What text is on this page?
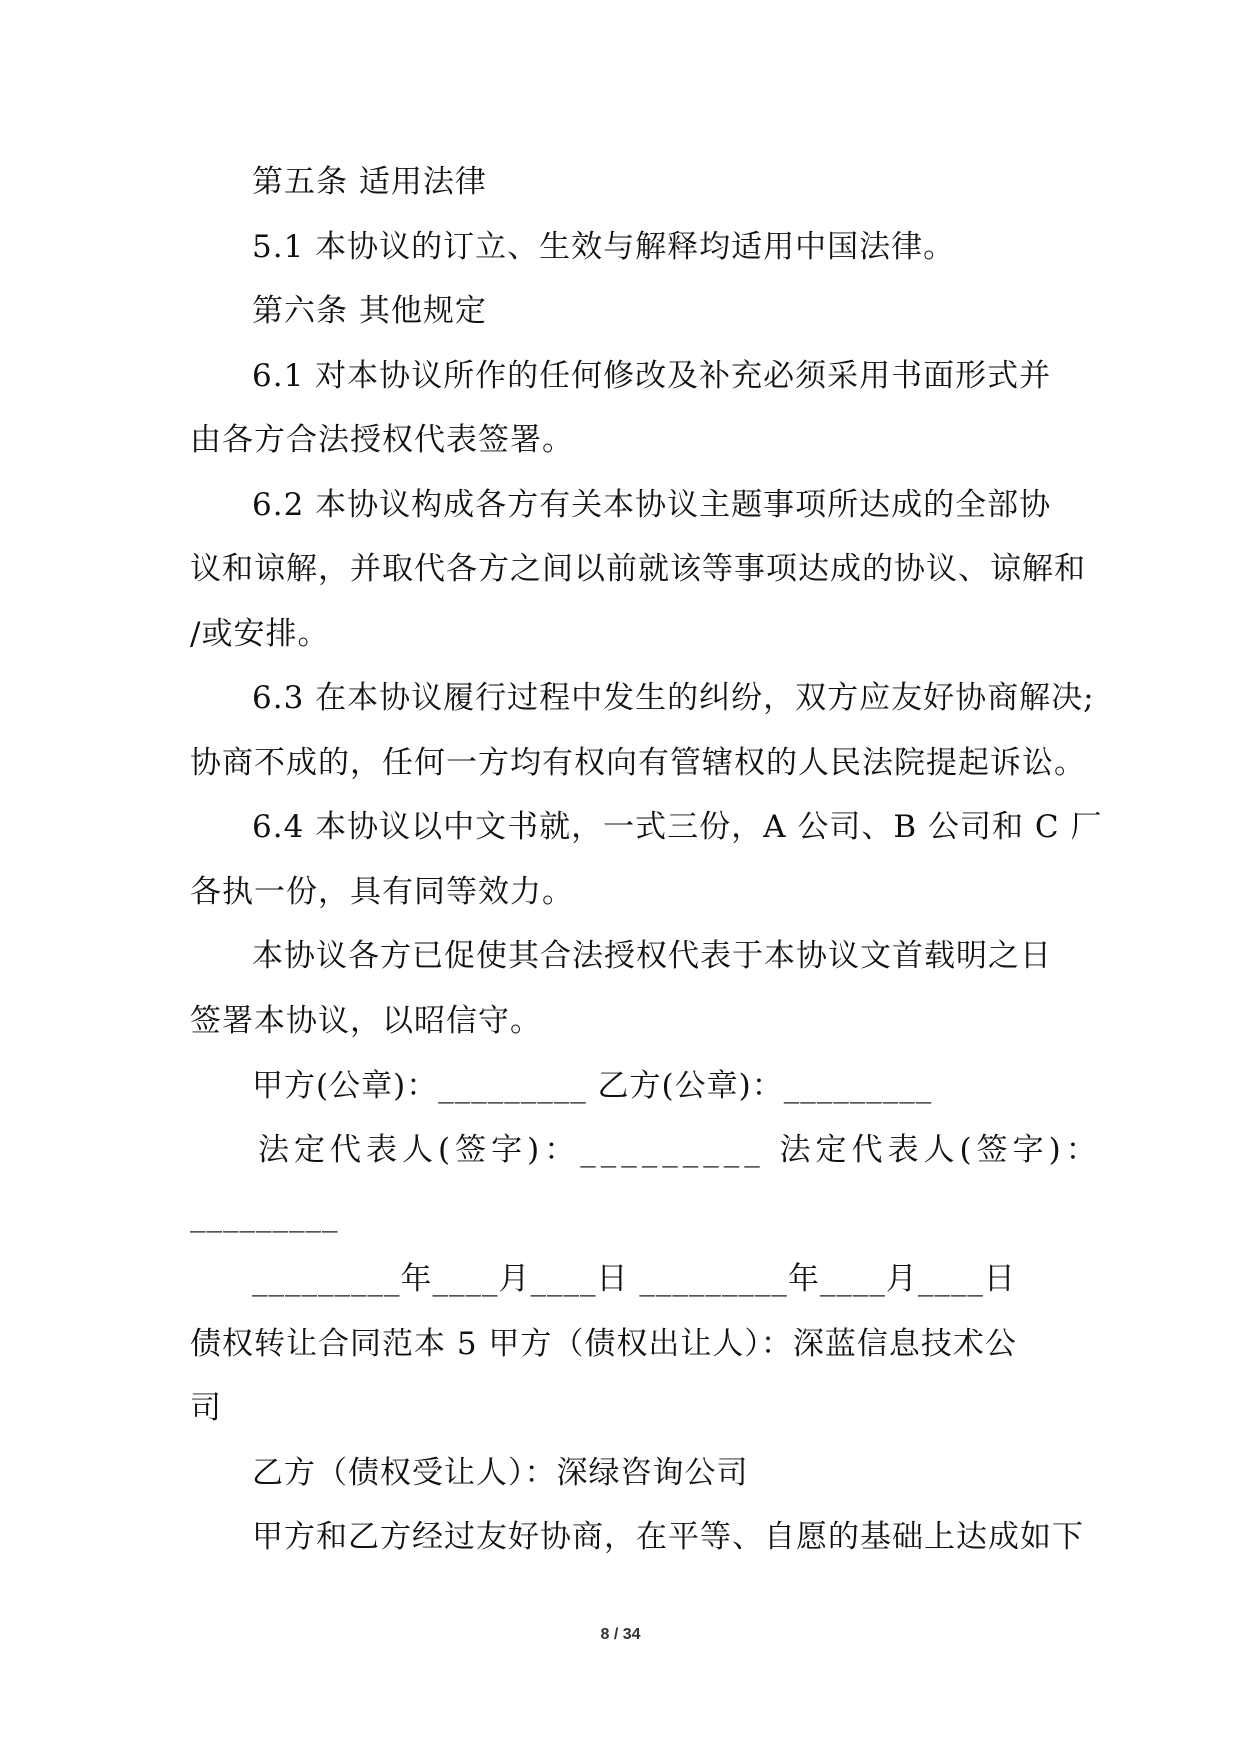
第五条 适用法律
5.1 本协议的订立、生效与解释均适用中国法律。
第六条 其他规定
6.1 对本协议所作的任何修改及补充必须采用书面形式并
由各方合法授权代表签署。
6.2 本协议构成各方有关本协议主题事项所达成的全部协
议和谅解，并取代各方之间以前就该等事项达成的协议、谅解和
/或安排。
6.3 在本协议履行过程中发生的纠纷，双方应友好协商解决;
协商不成的，任何一方均有权向有管辖权的人民法院提起诉讼。
6.4 本协议以中文书就，一式三份，A 公司、B 公司和 C 厂
各执一份，具有同等效力。
本协议各方已促使其合法授权代表于本协议文首载明之日
签署本协议，以昭信守。
甲方(公章)：_________ 乙方(公章)：_________
法定代表人(签字)：_________ 法定代表人(签字)：
_________
_________年____月____日 _________年____月____日
债权转让合同范本 5 甲方（债权出让人）：深蓝信息技术公
司
乙方（债权受让人）：深绿咨询公司
甲方和乙方经过友好协商，在平等、自愿的基础上达成如下
8 / 34
